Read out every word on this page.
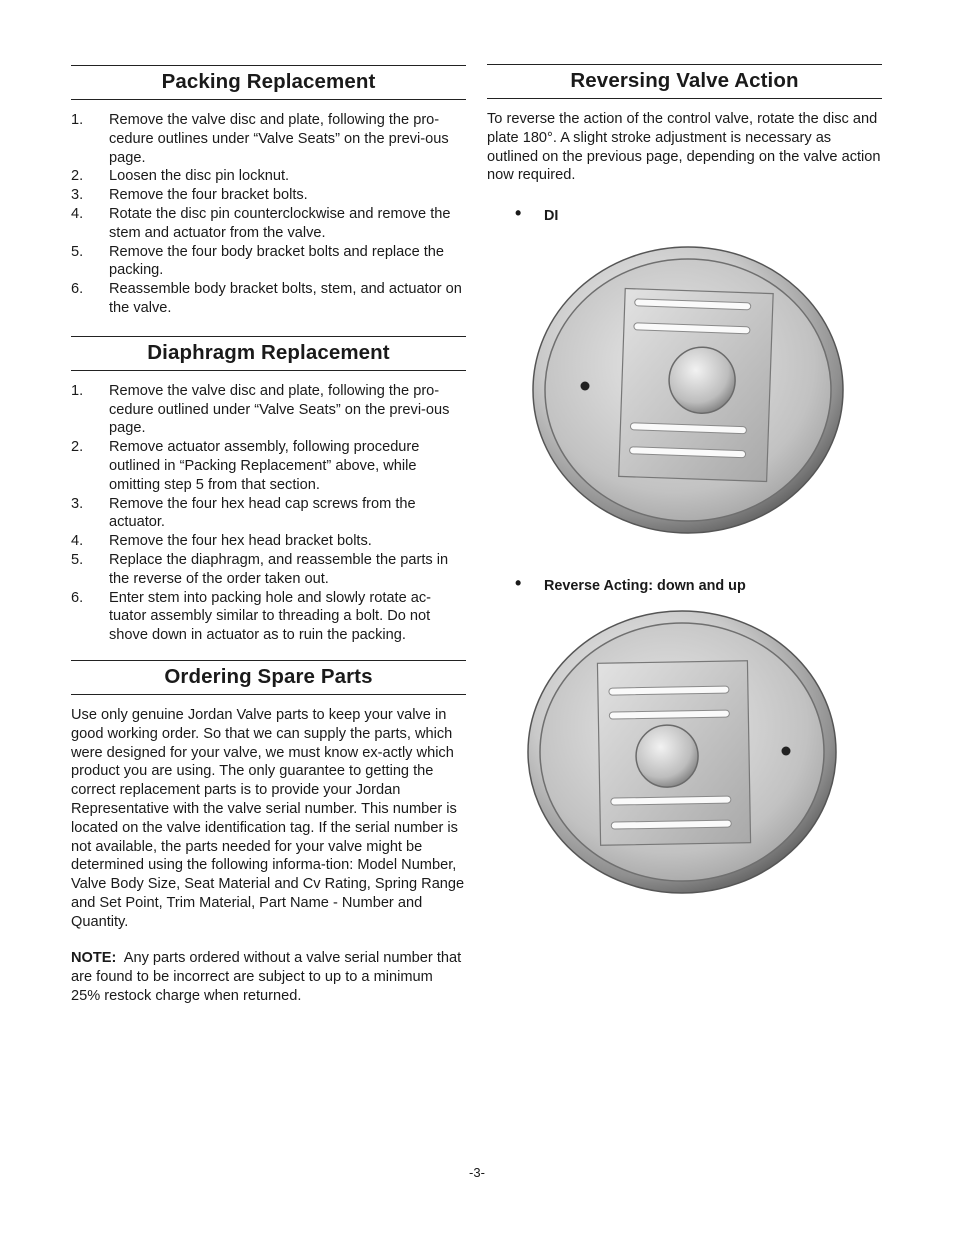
Packing Replacement
1. Remove the valve disc and plate, following the pro-cedure outlines under “Valve Seats” on the previ-ous page.
2. Loosen the disc pin locknut.
3. Remove the four bracket bolts.
4. Rotate the disc pin counterclockwise and remove the stem and actuator from the valve.
5. Remove the four body bracket bolts and replace the packing.
6. Reassemble body bracket bolts, stem, and actuator on the valve.
Diaphragm Replacement
1. Remove the valve disc and plate, following the pro-cedure outlined under “Valve Seats” on the previ-ous page.
2. Remove actuator assembly, following procedure outlined in “Packing Replacement” above, while omitting step 5 from that section.
3. Remove the four hex head cap screws from the actuator.
4. Remove the four hex head bracket bolts.
5. Replace the diaphragm, and reassemble the parts in the reverse of the order taken out.
6. Enter stem into packing hole and slowly rotate ac-tuator assembly similar to threading a bolt. Do not shove down in actuator as to ruin the packing.
Ordering Spare Parts

Use only genuine Jordan Valve parts to keep your valve in good working order. So that we can supply the parts, which were designed for your valve, we must know ex-actly which product you are using. The only guarantee to getting the correct replacement parts is to provide your Jordan Representative with the valve serial number. This number is located on the valve identification tag. If the serial number is not available, the parts needed for your valve might be determined using the following informa-tion: Model Number, Valve Body Size, Seat Material and Cv Rating, Spring Range and Set Point, Trim Material, Part Name - Number and Quantity.

NOTE: Any parts ordered without a valve serial number that are found to be incorrect are subject to up to a minimum 25% restock charge when returned.

Reversing Valve Action

To reverse the action of the control valve, rotate the disc and plate 180°. A slight stroke adjustment is necessary as outlined on the previous page, depending on the valve action now required.

• DI
• Reverse Acting: down and up
-3-
